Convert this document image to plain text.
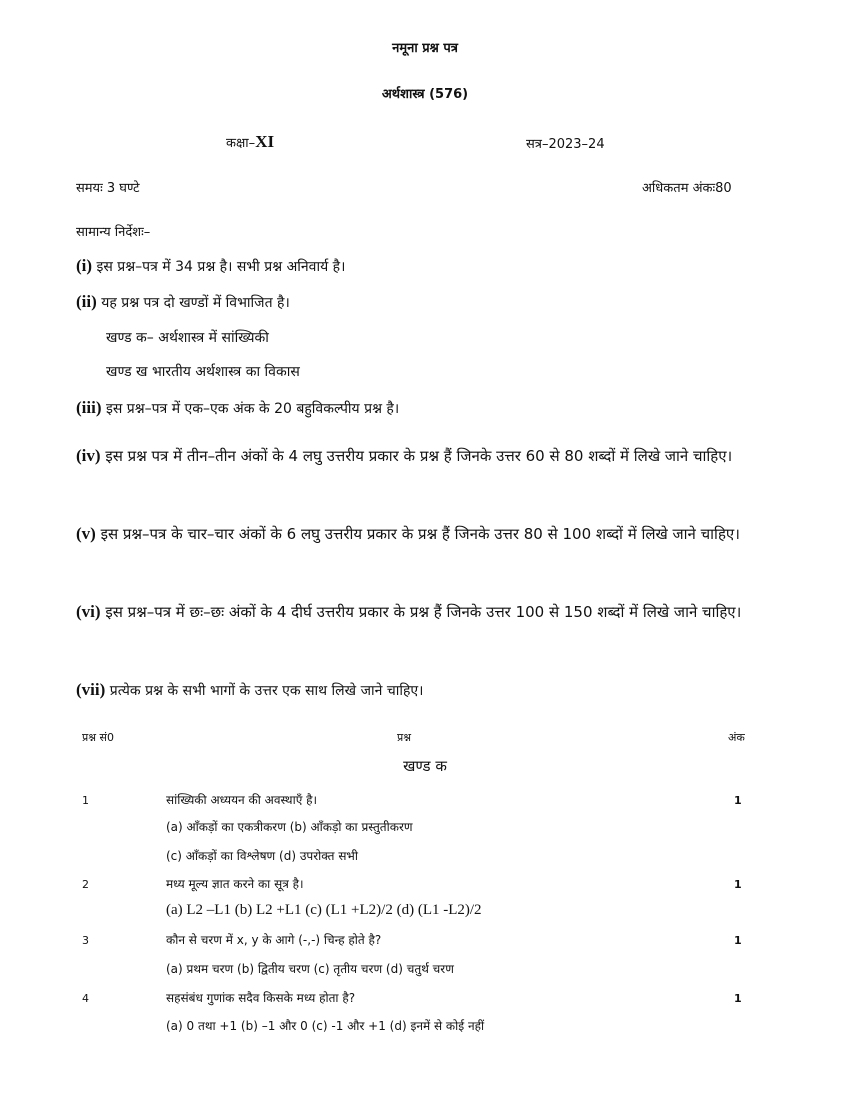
नमूना प्रश्न पत्र
अर्थशास्त्र (576)
कक्षा–XI	सत्र–2023–24
समयः 3 घण्टे	अधिकतम अंकः80
सामान्य निर्देशः–
(i) इस प्रश्न–पत्र में 34 प्रश्न है। सभी प्रश्न अनिवार्य है।
(ii) यह प्रश्न पत्र दो खण्डों में विभाजित है।
खण्ड क– अर्थशास्त्र में सांख्यिकी
खण्ड ख भारतीय अर्थशास्त्र का विकास
(iii) इस प्रश्न–पत्र में एक–एक अंक के 20 बहुविकल्पीय प्रश्न है।
(iv) इस प्रश्न पत्र में तीन–तीन अंकों के 4 लघु उत्तरीय प्रकार के प्रश्न हैं जिनके उत्तर 60 से 80 शब्दों में लिखे जाने चाहिए।
(v) इस प्रश्न–पत्र के चार–चार अंकों के 6 लघु उत्तरीय प्रकार के प्रश्न हैं जिनके उत्तर 80 से 100 शब्दों में लिखे जाने चाहिए।
(vi) इस प्रश्न–पत्र में छः–छः अंकों के 4 दीर्घ उत्तरीय प्रकार के प्रश्न हैं जिनके उत्तर 100 से 150 शब्दों में लिखे जाने चाहिए।
(vii) प्रत्येक प्रश्न के सभी भागों के उत्तर एक साथ लिखे जाने चाहिए।
प्रश्न सं0	प्रश्न	अंक
खण्ड क
1	सांख्यिकी अध्ययन की अवस्थाएँ है।	1
(a) आँकड़ों का एकत्रीकरण (b) आँकड़ो का प्रस्तुतीकरण
(c) आँकड़ों का विश्लेषण (d) उपरोक्त सभी
2	मध्य मूल्य ज्ञात करने का सूत्र है।	1
(a) L2 –L1 (b) L2 +L1 (c) (L1 +L2)/2 (d) (L1 -L2)/2
3	कौन से चरण में x, y के आगे (-,-) चिन्ह होते है?	1
(a) प्रथम चरण (b) द्वितीय चरण (c) तृतीय चरण (d) चतुर्थ चरण
4	सहसंबंध गुणांक सदैव किसके मध्य होता है?	1
(a) 0 तथा +1 (b) –1 और 0 (c) -1 और +1 (d) इनमें से कोई नहीं
